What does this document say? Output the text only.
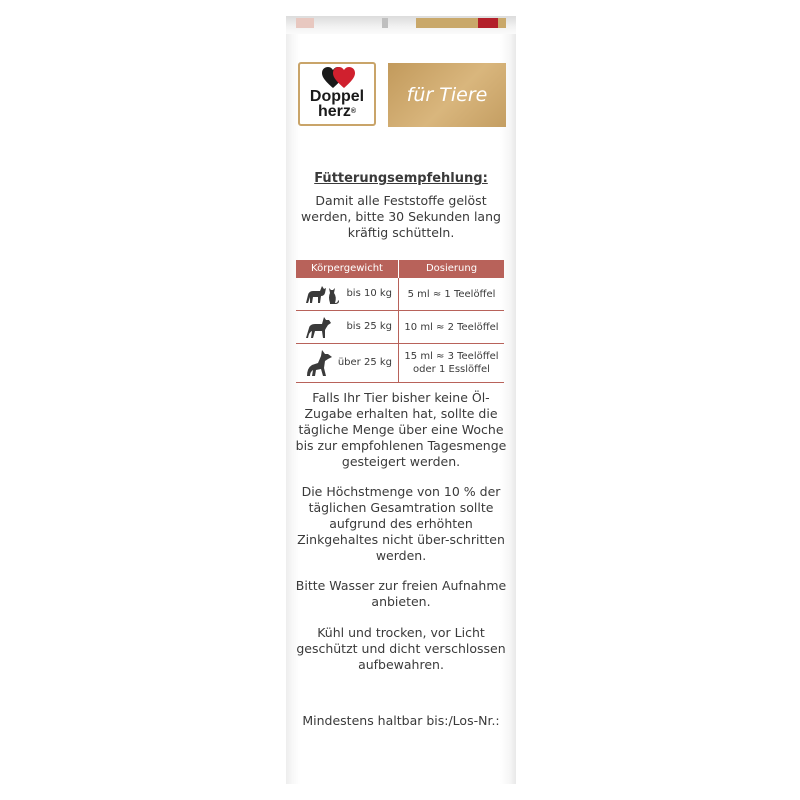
Doppel
herz®
für Tiere
Fütterungsempfehlung:
Damit alle Feststoffe gelöst werden, bitte 30 Sekunden lang kräftig schütteln.
Körpergewicht	Dosierung

bis 10 kg	5 ml ≈ 1 Teelöffel

bis 25 kg	10 ml ≈ 2 Teelöffel

über 25 kg	15 ml ≈ 3 Teelöffel
oder 1 Esslöffel
Falls Ihr Tier bisher keine Öl-Zugabe erhalten hat, sollte die tägliche Menge über eine Woche bis zur empfohlenen Tagesmenge gesteigert werden.
Die Höchstmenge von 10 % der täglichen Gesamtration sollte aufgrund des erhöhten Zinkgehaltes nicht über-schritten werden.
Bitte Wasser zur freien Aufnahme anbieten.
Kühl und trocken, vor Licht geschützt und dicht verschlossen aufbewahren.
Mindestens haltbar bis:/Los-Nr.:
